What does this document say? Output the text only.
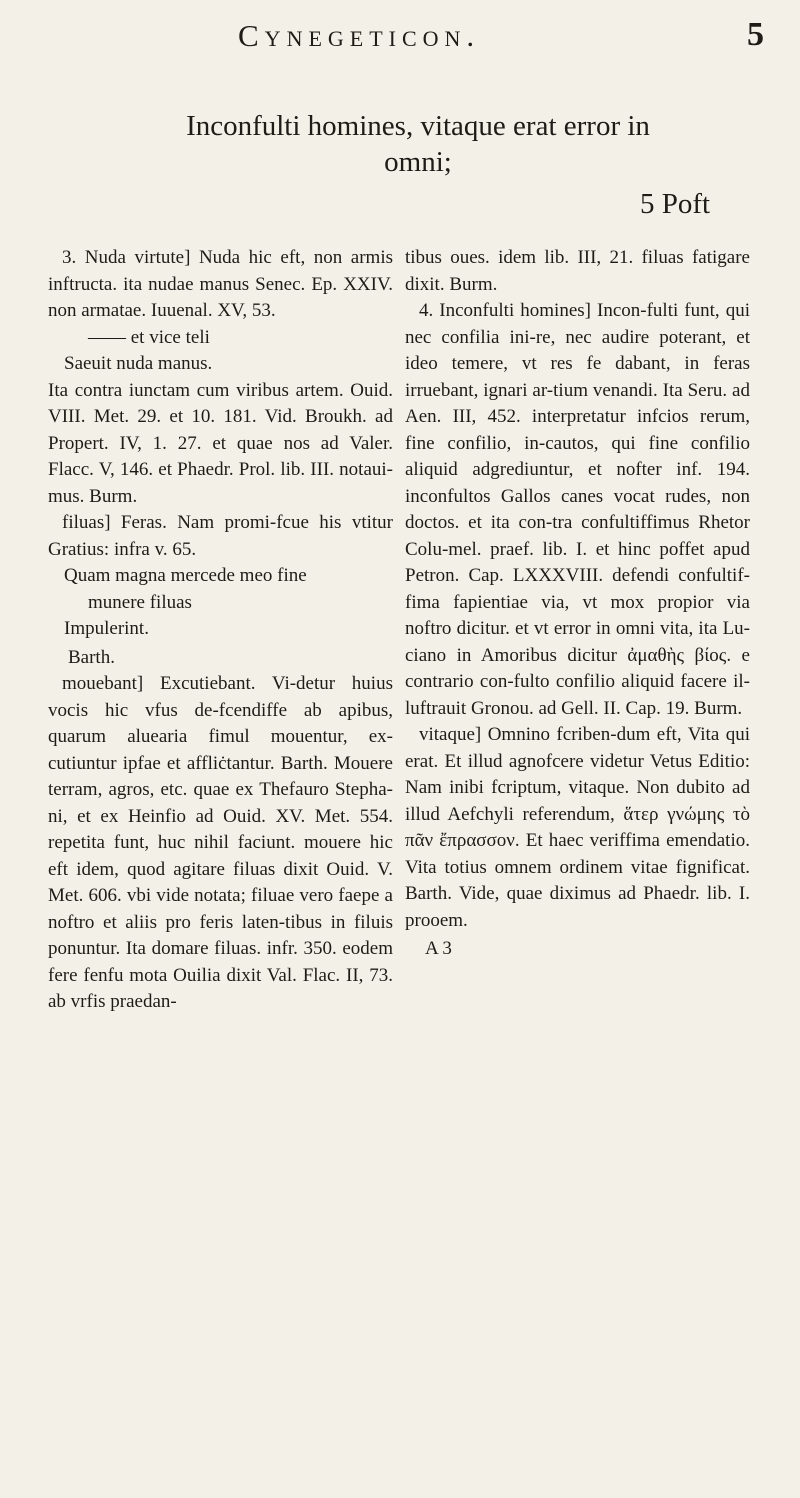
Cynegeticon.	5
Inconfulti homines, vitaque erat error in
omni;
5 Poft

3. Nuda virtute] Nuda hic eft, non armis inftructa. ita nudae manus Senec. Ep. XXIV. non armatae. Iuuenal. XV, 53.

—— et vice teli
Saeuit nuda manus.

Ita contra iunctam cum viribus artem. Ouid. VIII. Met. 29. et 10. 181. Vid. Broukh. ad Propert. IV, 1. 27. et quae nos ad Valer. Flacc. V, 146. et Phaedr. Prol. lib. III. notaui-mus. Burm.

filuas] Feras. Nam promi-fcue his vtitur Gratius: infra v. 65.

Quam magna mercede meo fine
munere filuas
Impulerint.
Barth.

mouebant] Excutiebant. Vi-detur huius vocis hic vfus de-fcendiffe ab apibus, quarum aluearia fimul mouentur, ex-cutiuntur ipfae et affliċtantur. Barth. Mouere terram, agros, etc. quae ex Thefauro Stepha-ni, et ex Heinfio ad Ouid. XV. Met. 554. repetita funt, huc nihil faciunt. mouere hic eft idem, quod agitare filuas dixit Ouid. V. Met. 606. vbi vide notata; filuae vero faepe a noftro et aliis pro feris laten-tibus in filuis ponuntur. Ita domare filuas. infr. 350. eodem fere fenfu mota Ouilia dixit Val. Flac. II, 73. ab vrfis praedan-

tibus oues. idem lib. III, 21. filuas fatigare dixit. Burm.

4. Inconfulti homines] Incon-fulti funt, qui nec confilia ini-re, nec audire poterant, et ideo temere, vt res fe dabant, in feras irruebant, ignari ar-tium venandi. Ita Seru. ad Aen. III, 452. interpretatur infcios rerum, fine confilio, in-cautos, qui fine confilio aliquid adgrediuntur, et nofter inf. 194. inconfultos Gallos canes vocat rudes, non doctos. et ita con-tra confultiffimus Rhetor Colu-mel. praef. lib. I. et hinc poffet apud Petron. Cap. LXXXVIII. defendi confultif-fima fapientiae via, vt mox propior via noftro dicitur. et vt error in omni vita, ita Lu-ciano in Amoribus dicitur ἀμαθὴς βίος. e contrario con-fulto confilio aliquid facere il-luftrauit Gronou. ad Gell. II. Cap. 19. Burm.

vitaque] Omnino fcriben-dum eft, Vita qui erat. Et illud agnofcere videtur Vetus Editio: Nam inibi fcriptum, vitaque. Non dubito ad illud Aefchyli referendum, ἅτερ γνώμης τὸ πᾶν ἔπρασσον. Et haec veriffima emendatio. Vita totius omnem ordinem vitae fignificat. Barth. Vide, quae diximus ad Phaedr. lib. I. prooem.

A 3
